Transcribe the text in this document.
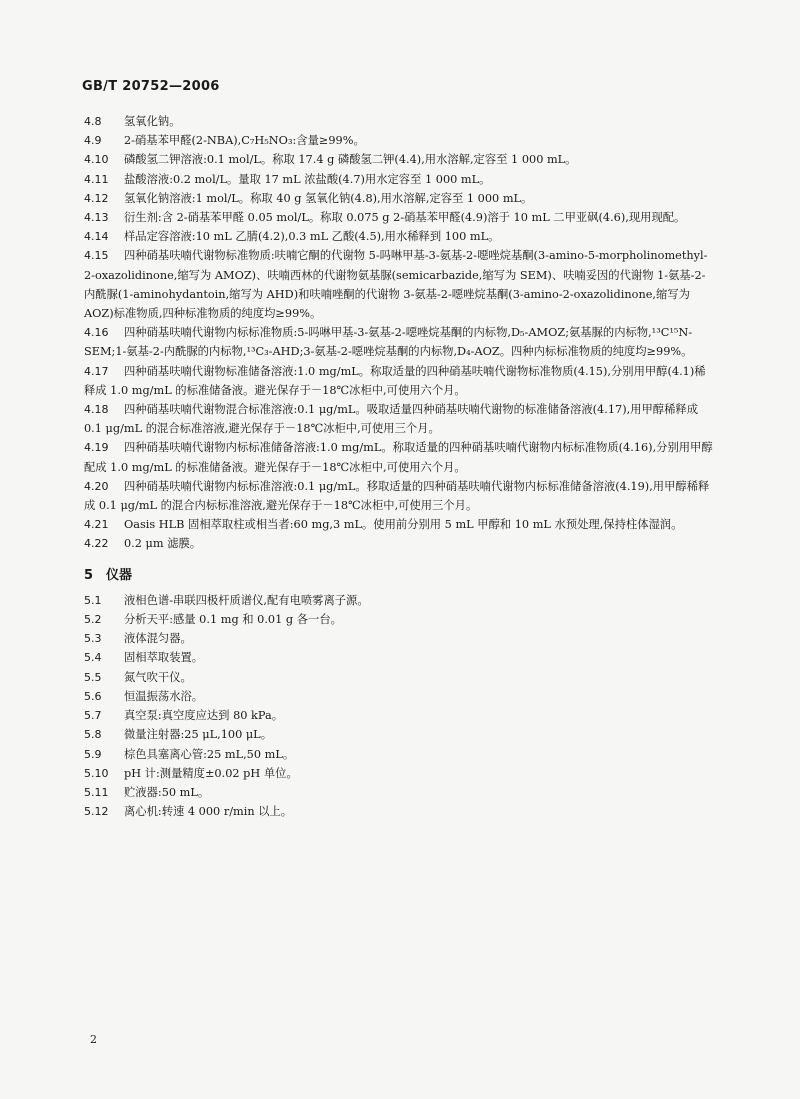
GB/T 20752—2006
4.8 氢氧化钠。
4.9 2-硝基苯甲醛(2-NBA),C₇H₅NO₃:含量≥99%。
4.10 磷酸氢二钾溶液:0.1 mol/L。称取 17.4 g 磷酸氢二钾(4.4),用水溶解,定容至 1 000 mL。
4.11 盐酸溶液:0.2 mol/L。量取 17 mL 浓盐酸(4.7)用水定容至 1 000 mL。
4.12 氢氧化钠溶液:1 mol/L。称取 40 g 氢氧化钠(4.8),用水溶解,定容至 1 000 mL。
4.13 衍生剂:含 2-硝基苯甲醛 0.05 mol/L。称取 0.075 g 2-硝基苯甲醛(4.9)溶于 10 mL 二甲亚砜(4.6),现用现配。
4.14 样品定容溶液:10 mL 乙腈(4.2),0.3 mL 乙酸(4.5),用水稀释到 100 mL。
4.15 四种硝基呋喃代谢物标准物质:呋喃它酮的代谢物 5-吗啉甲基-3-氨基-2-噁唑烷基酮(3-amino-5-morpholinomethyl-2-oxazolidinone,缩写为 AMOZ)、呋喃西林的代谢物氨基脲(semicarbazide,缩写为 SEM)、呋喃妥因的代谢物 1-氨基-2-内酰脲(1-aminohydantoin,缩写为 AHD)和呋喃唑酮的代谢物 3-氨基-2-噁唑烷基酮(3-amino-2-oxazolidinone,缩写为 AOZ)标准物质,四种标准物质的纯度均≥99%。
4.16 四种硝基呋喃代谢物内标标准物质:5-吗啉甲基-3-氨基-2-噁唑烷基酮的内标物,D₅-AMOZ;氨基脲的内标物,¹³C¹⁵N-SEM;1-氨基-2-内酰脲的内标物,¹³C₃-AHD;3-氨基-2-噁唑烷基酮的内标物,D₄-AOZ。四种内标标准物质的纯度均≥99%。
4.17 四种硝基呋喃代谢物标准储备溶液:1.0 mg/mL。称取适量的四种硝基呋喃代谢物标准物质(4.15),分别用甲醇(4.1)稀释成 1.0 mg/mL 的标准储备液。避光保存于－18℃冰柜中,可使用六个月。
4.18 四种硝基呋喃代谢物混合标准溶液:0.1 μg/mL。吸取适量四种硝基呋喃代谢物的标准储备溶液(4.17),用甲醇稀释成 0.1 μg/mL 的混合标准溶液,避光保存于－18℃冰柜中,可使用三个月。
4.19 四种硝基呋喃代谢物内标标准储备溶液:1.0 mg/mL。称取适量的四种硝基呋喃代谢物内标标准物质(4.16),分别用甲醇配成 1.0 mg/mL 的标准储备液。避光保存于－18℃冰柜中,可使用六个月。
4.20 四种硝基呋喃代谢物内标标准溶液:0.1 μg/mL。移取适量的四种硝基呋喃代谢物内标标准储备溶液(4.19),用甲醇稀释成 0.1 μg/mL 的混合内标标准溶液,避光保存于－18℃冰柜中,可使用三个月。
4.21 Oasis HLB 固相萃取柱或相当者:60 mg,3 mL。使用前分别用 5 mL 甲醇和 10 mL 水预处理,保持柱体湿润。
4.22 0.2 μm 滤膜。
5 仪器
5.1 液相色谱-串联四极杆质谱仪,配有电喷雾离子源。
5.2 分析天平:感量 0.1 mg 和 0.01 g 各一台。
5.3 液体混匀器。
5.4 固相萃取装置。
5.5 氮气吹干仪。
5.6 恒温振荡水浴。
5.7 真空泵:真空度应达到 80 kPa。
5.8 微量注射器:25 μL,100 μL。
5.9 棕色具塞离心管:25 mL,50 mL。
5.10 pH 计:测量精度±0.02 pH 单位。
5.11 贮液器:50 mL。
5.12 离心机:转速 4 000 r/min 以上。
2
